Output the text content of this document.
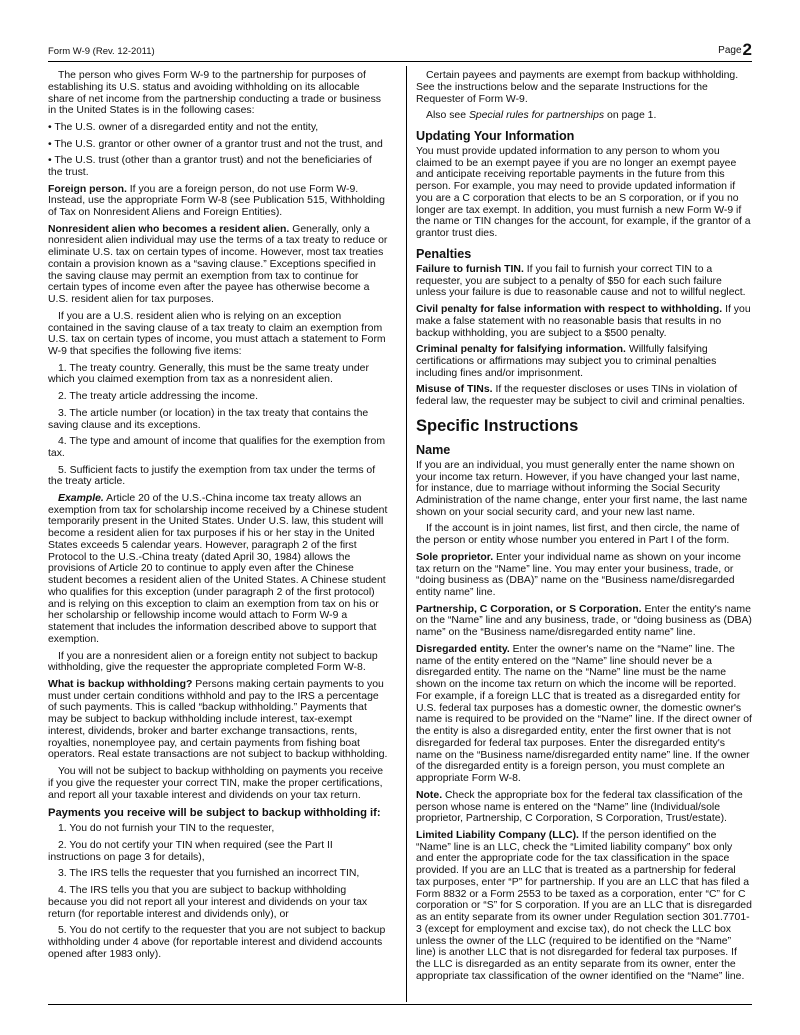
Form W-9 (Rev. 12-2011)	Page2

The person who gives Form W-9 to the partnership for purposes of establishing its U.S. status and avoiding withholding on its allocable share of net income from the partnership conducting a trade or business in the United States is in the following cases:

• The U.S. owner of a disregarded entity and not the entity,

• The U.S. grantor or other owner of a grantor trust and not the trust, and

• The U.S. trust (other than a grantor trust) and not the beneficiaries of the trust.

Foreign person. If you are a foreign person, do not use Form W-9. Instead, use the appropriate Form W-8 (see Publication 515, Withholding of Tax on Nonresident Aliens and Foreign Entities).

Nonresident alien who becomes a resident alien. Generally, only a nonresident alien individual may use the terms of a tax treaty to reduce or eliminate U.S. tax on certain types of income. However, most tax treaties contain a provision known as a “saving clause.” Exceptions specified in the saving clause may permit an exemption from tax to continue for certain types of income even after the payee has otherwise become a U.S. resident alien for tax purposes.

If you are a U.S. resident alien who is relying on an exception contained in the saving clause of a tax treaty to claim an exemption from U.S. tax on certain types of income, you must attach a statement to Form W-9 that specifies the following five items:

1. The treaty country. Generally, this must be the same treaty under which you claimed exemption from tax as a nonresident alien.

2. The treaty article addressing the income.

3. The article number (or location) in the tax treaty that contains the saving clause and its exceptions.

4. The type and amount of income that qualifies for the exemption from tax.

5. Sufficient facts to justify the exemption from tax under the terms of the treaty article.

Example. Article 20 of the U.S.-China income tax treaty allows an exemption from tax for scholarship income received by a Chinese student temporarily present in the United States. Under U.S. law, this student will become a resident alien for tax purposes if his or her stay in the United States exceeds 5 calendar years. However, paragraph 2 of the first Protocol to the U.S.-China treaty (dated April 30, 1984) allows the provisions of Article 20 to continue to apply even after the Chinese student becomes a resident alien of the United States. A Chinese student who qualifies for this exception (under paragraph 2 of the first protocol) and is relying on this exception to claim an exemption from tax on his or her scholarship or fellowship income would attach to Form W-9 a statement that includes the information described above to support that exemption.

If you are a nonresident alien or a foreign entity not subject to backup withholding, give the requester the appropriate completed Form W-8.

What is backup withholding? Persons making certain payments to you must under certain conditions withhold and pay to the IRS a percentage of such payments. This is called “backup withholding.” Payments that may be subject to backup withholding include interest, tax-exempt interest, dividends, broker and barter exchange transactions, rents, royalties, nonemployee pay, and certain payments from fishing boat operators. Real estate transactions are not subject to backup withholding.

You will not be subject to backup withholding on payments you receive if you give the requester your correct TIN, make the proper certifications, and report all your taxable interest and dividends on your tax return.

Payments you receive will be subject to backup withholding if:

1. You do not furnish your TIN to the requester,

2. You do not certify your TIN when required (see the Part II instructions on page 3 for details),

3. The IRS tells the requester that you furnished an incorrect TIN,

4. The IRS tells you that you are subject to backup withholding because you did not report all your interest and dividends on your tax return (for reportable interest and dividends only), or

5. You do not certify to the requester that you are not subject to backup withholding under 4 above (for reportable interest and dividend accounts opened after 1983 only).

Certain payees and payments are exempt from backup withholding. See the instructions below and the separate Instructions for the Requester of Form W-9.

Also see Special rules for partnerships on page 1.

Updating Your Information

You must provide updated information to any person to whom you claimed to be an exempt payee if you are no longer an exempt payee and anticipate receiving reportable payments in the future from this person. For example, you may need to provide updated information if you are a C corporation that elects to be an S corporation, or if you no longer are tax exempt. In addition, you must furnish a new Form W-9 if the name or TIN changes for the account, for example, if the grantor of a grantor trust dies.

Penalties

Failure to furnish TIN. If you fail to furnish your correct TIN to a requester, you are subject to a penalty of $50 for each such failure unless your failure is due to reasonable cause and not to willful neglect.

Civil penalty for false information with respect to withholding. If you make a false statement with no reasonable basis that results in no backup withholding, you are subject to a $500 penalty.

Criminal penalty for falsifying information. Willfully falsifying certifications or affirmations may subject you to criminal penalties including fines and/or imprisonment.

Misuse of TINs. If the requester discloses or uses TINs in violation of federal law, the requester may be subject to civil and criminal penalties.

Specific Instructions
Name

If you are an individual, you must generally enter the name shown on your income tax return. However, if you have changed your last name, for instance, due to marriage without informing the Social Security Administration of the name change, enter your first name, the last name shown on your social security card, and your new last name.

If the account is in joint names, list first, and then circle, the name of the person or entity whose number you entered in Part I of the form.

Sole proprietor. Enter your individual name as shown on your income tax return on the “Name” line. You may enter your business, trade, or “doing business as (DBA)” name on the “Business name/disregarded entity name” line.

Partnership, C Corporation, or S Corporation. Enter the entity's name on the “Name” line and any business, trade, or “doing business as (DBA) name” on the “Business name/disregarded entity name” line.

Disregarded entity. Enter the owner's name on the “Name” line. The name of the entity entered on the “Name” line should never be a disregarded entity. The name on the “Name” line must be the name shown on the income tax return on which the income will be reported. For example, if a foreign LLC that is treated as a disregarded entity for U.S. federal tax purposes has a domestic owner, the domestic owner's name is required to be provided on the “Name” line. If the direct owner of the entity is also a disregarded entity, enter the first owner that is not disregarded for federal tax purposes. Enter the disregarded entity's name on the “Business name/disregarded entity name” line. If the owner of the disregarded entity is a foreign person, you must complete an appropriate Form W-8.

Note. Check the appropriate box for the federal tax classification of the person whose name is entered on the “Name” line (Individual/sole proprietor, Partnership, C Corporation, S Corporation, Trust/estate).

Limited Liability Company (LLC). If the person identified on the “Name” line is an LLC, check the “Limited liability company” box only and enter the appropriate code for the tax classification in the space provided. If you are an LLC that is treated as a partnership for federal tax purposes, enter “P” for partnership. If you are an LLC that has filed a Form 8832 or a Form 2553 to be taxed as a corporation, enter “C” for C corporation or “S” for S corporation. If you are an LLC that is disregarded as an entity separate from its owner under Regulation section 301.7701-3 (except for employment and excise tax), do not check the LLC box unless the owner of the LLC (required to be identified on the “Name” line) is another LLC that is not disregarded for federal tax purposes. If the LLC is disregarded as an entity separate from its owner, enter the appropriate tax classification of the owner identified on the “Name” line.
